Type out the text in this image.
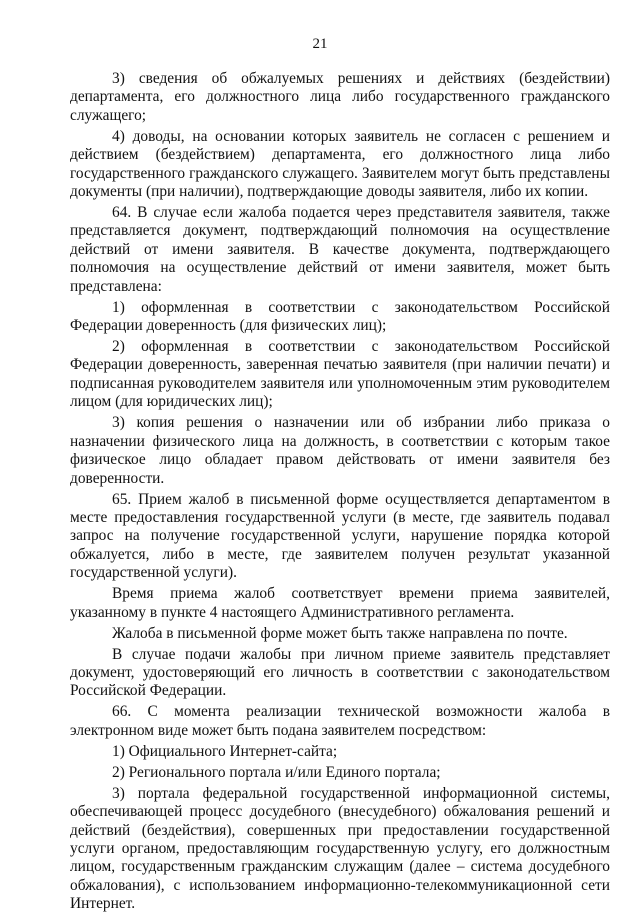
21

3) сведения об обжалуемых решениях и действиях (бездействии) департамента, его должностного лица либо государственного гражданского служащего;

4) доводы, на основании которых заявитель не согласен с решением и действием (бездействием) департамента, его должностного лица либо государственного гражданского служащего. Заявителем могут быть представлены документы (при наличии), подтверждающие доводы заявителя, либо их копии.

64. В случае если жалоба подается через представителя заявителя, также представляется документ, подтверждающий полномочия на осуществление действий от имени заявителя. В качестве документа, подтверждающего полномочия на осуществление действий от имени заявителя, может быть представлена:

1) оформленная в соответствии с законодательством Российской Федерации доверенность (для физических лиц);

2) оформленная в соответствии с законодательством Российской Федерации доверенность, заверенная печатью заявителя (при наличии печати) и подписанная руководителем заявителя или уполномоченным этим руководителем лицом (для юридических лиц);

3) копия решения о назначении или об избрании либо приказа о назначении физического лица на должность, в соответствии с которым такое физическое лицо обладает правом действовать от имени заявителя без доверенности.

65. Прием жалоб в письменной форме осуществляется департаментом в месте предоставления государственной услуги (в месте, где заявитель подавал запрос на получение государственной услуги, нарушение порядка которой обжалуется, либо в месте, где заявителем получен результат указанной государственной услуги).

Время приема жалоб соответствует времени приема заявителей, указанному в пункте 4 настоящего Административного регламента.

Жалоба в письменной форме может быть также направлена по почте.

В случае подачи жалобы при личном приеме заявитель представляет документ, удостоверяющий его личность в соответствии с законодательством Российской Федерации.

66. С момента реализации технической возможности жалоба в электронном виде может быть подана заявителем посредством:

1) Официального Интернет-сайта;

2) Регионального портала и/или Единого портала;

3) портала федеральной государственной информационной системы, обеспечивающей процесс досудебного (внесудебного) обжалования решений и действий (бездействия), совершенных при предоставлении государственной услуги органом, предоставляющим государственную услугу, его должностным лицом, государственным гражданским служащим (далее – система досудебного обжалования), с использованием информационно-телекоммуникационной сети Интернет.
